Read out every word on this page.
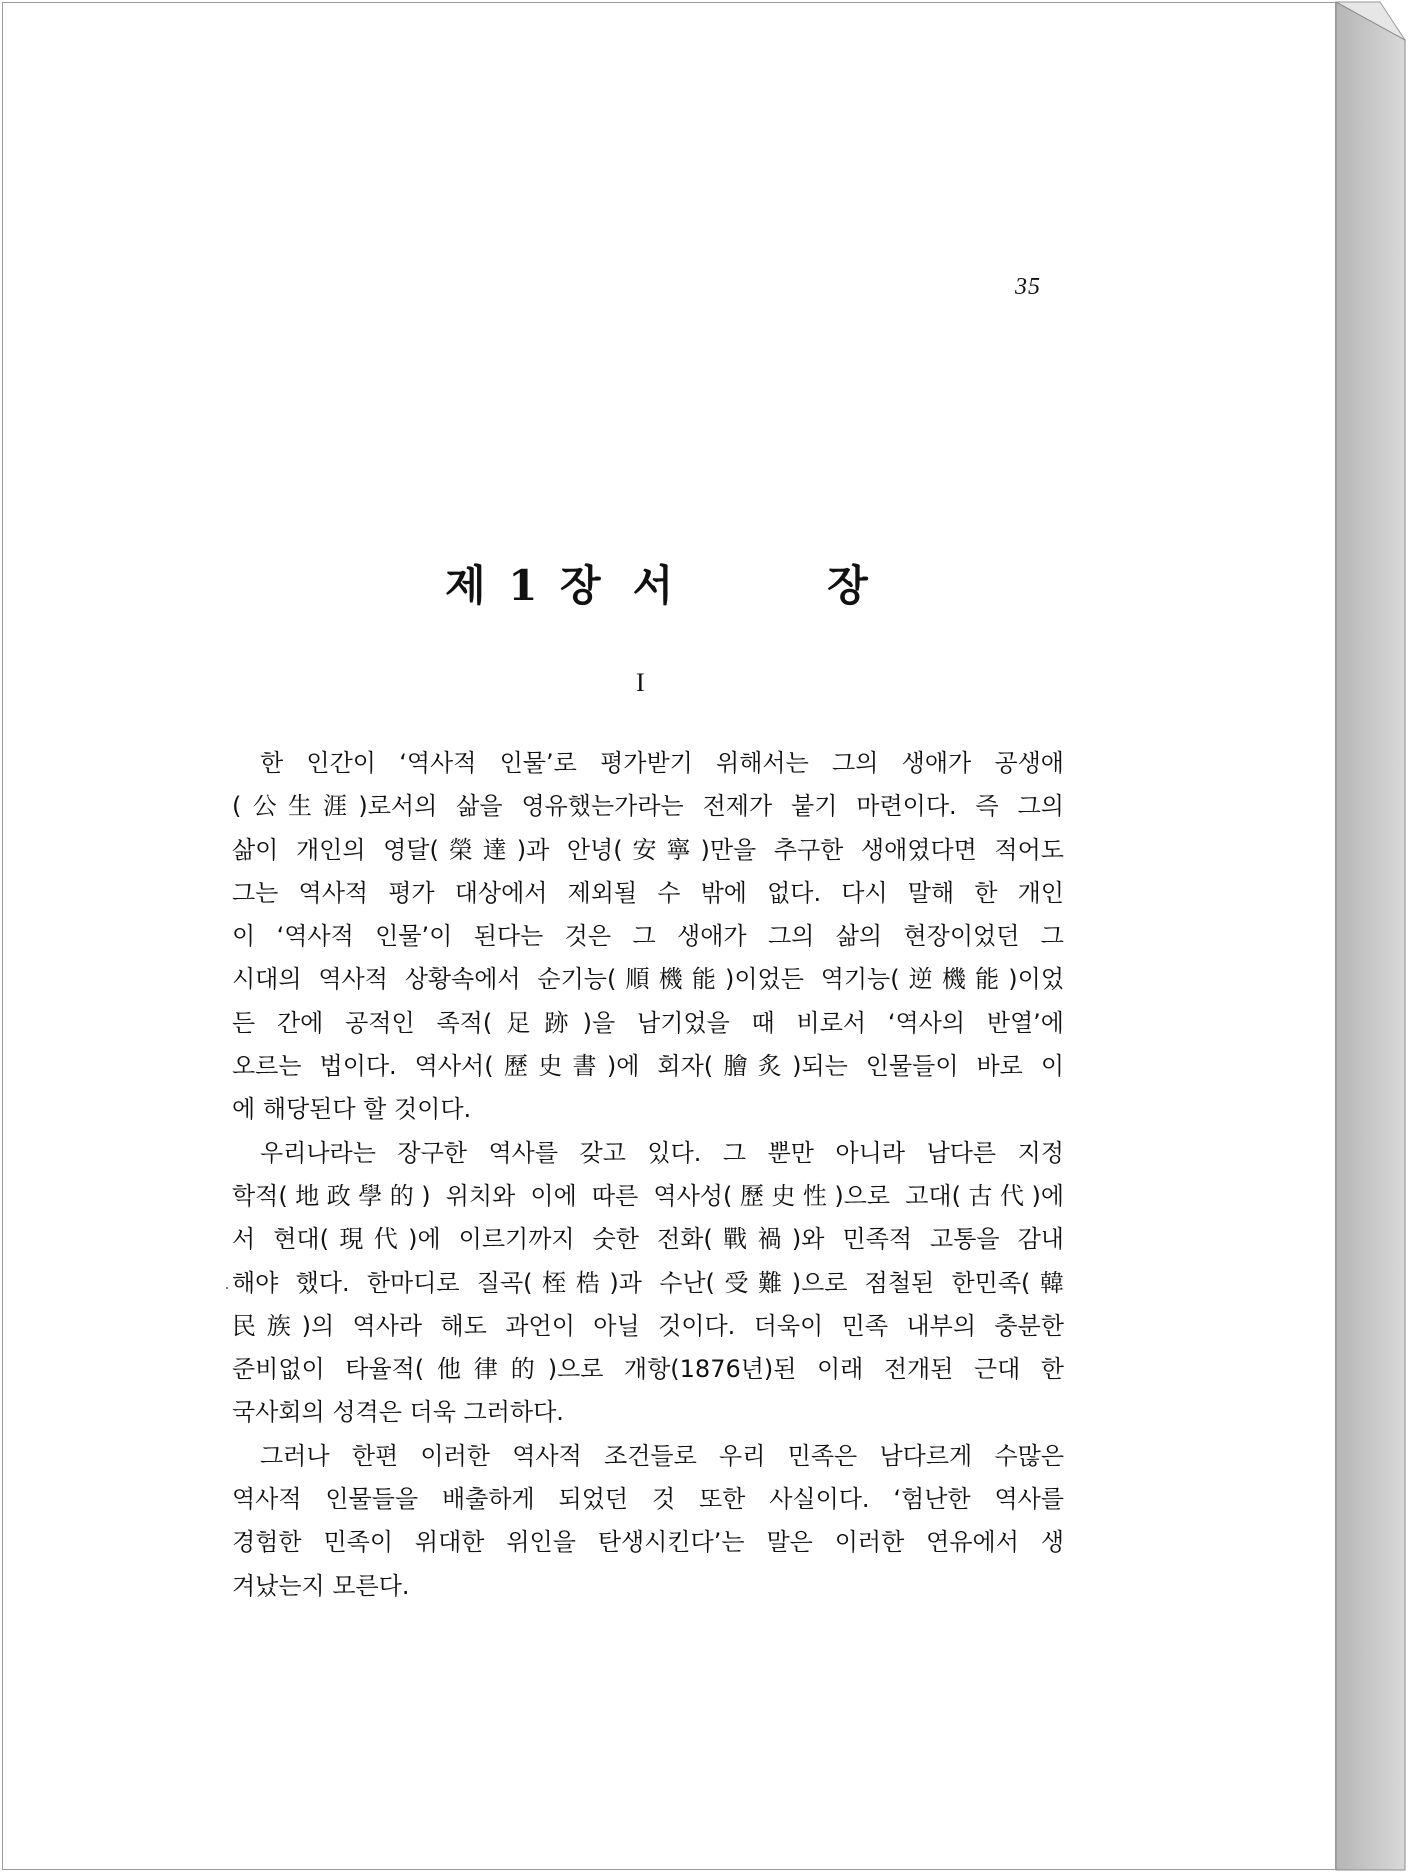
35
제 1 장 서	장
I
한 인간이 ‘역사적 인물’로 평가받기 위해서는 그의 생애가 공생애
(公生涯)로서의 삶을 영유했는가라는 전제가 붙기 마련이다. 즉 그의
삶이 개인의 영달(榮達)과 안녕(安寧)만을 추구한 생애였다면 적어도
그는 역사적 평가 대상에서 제외될 수 밖에 없다. 다시 말해 한 개인
이 ‘역사적 인물’이 된다는 것은 그 생애가 그의 삶의 현장이었던 그
시대의 역사적 상황속에서 순기능(順機能)이었든 역기능(逆機能)이었
든 간에 공적인 족적(足跡)을 남기었을 때 비로서 ‘역사의 반열’에
오르는 법이다. 역사서(歷史書)에 회자(膾炙)되는 인물들이 바로 이
에 해당된다 할 것이다.
우리나라는 장구한 역사를 갖고 있다. 그 뿐만 아니라 남다른 지정
학적(地政學的) 위치와 이에 따른 역사성(歷史性)으로 고대(古代)에
서 현대(現代)에 이르기까지 숫한 전화(戰禍)와 민족적 고통을 감내
해야 했다. 한마디로 질곡(桎梏)과 수난(受難)으로 점철된 한민족(韓
民族)의 역사라 해도 과언이 아닐 것이다. 더욱이 민족 내부의 충분한
준비없이 타율적(他律的)으로 개항(1876년)된 이래 전개된 근대 한
국사회의 성격은 더욱 그러하다.
그러나 한편 이러한 역사적 조건들로 우리 민족은 남다르게 수많은
역사적 인물들을 배출하게 되었던 것 또한 사실이다. ‘험난한 역사를
경험한 민족이 위대한 위인을 탄생시킨다’는 말은 이러한 연유에서 생
겨났는지 모른다.
